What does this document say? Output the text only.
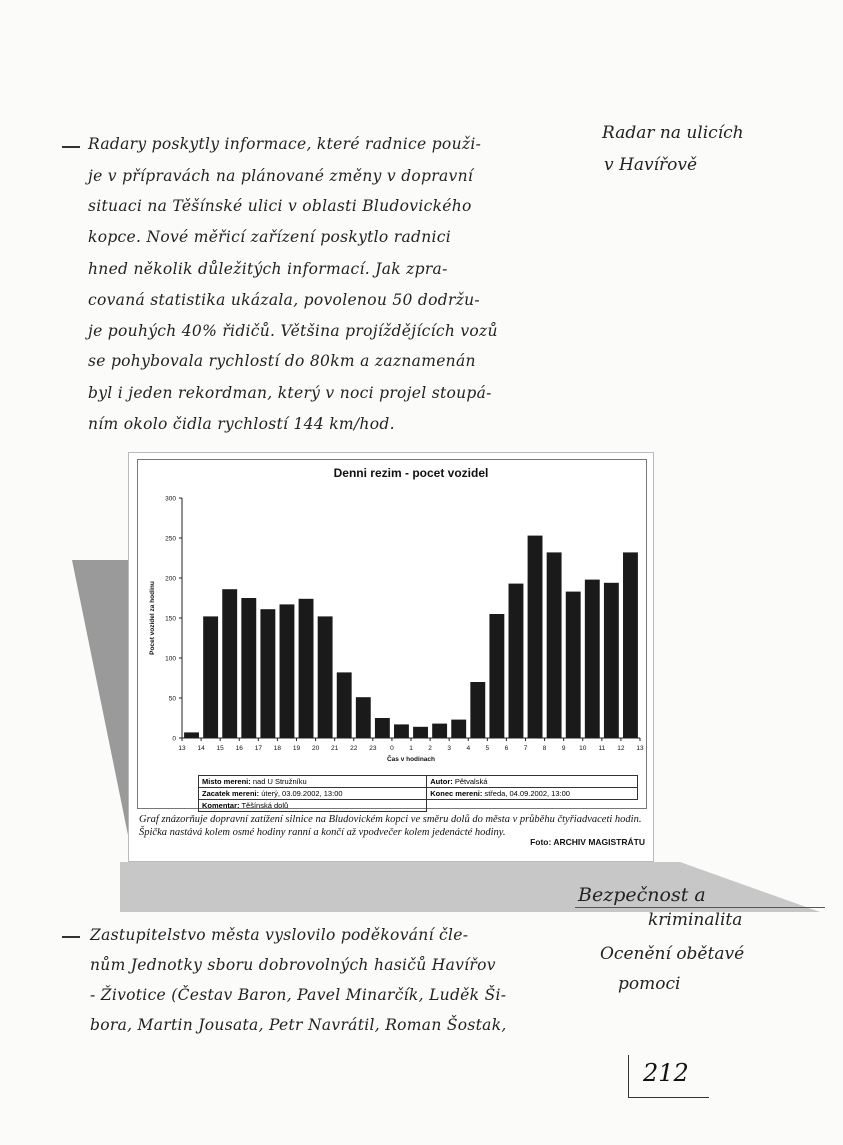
Radary poskytly informace, které radnice použi-
je v přípravách na plánované změny v dopravní
situaci na Těšínské ulici v oblasti Bludovického
kopce. Nové měřicí zařízení poskytlo radnici
hned několik důležitých informací. Jak zpra-
covaná statistika ukázala, povolenou 50 dodržu-
je pouhých 40% řidičů. Většina projíždějících vozů
se pohybovala rychlostí do 80km a zaznamenán
byl i jeden rekordman, který v noci projel stoupá-
ním okolo čidla rychlostí 144 km/hod.
Radar na ulicích
v Havířově
Denni rezim - pocet vozidel
0
50
100
150
200
250
300
13 14 15 16 17 18 19 20 21 22 23 0 1 2 3 4 5 6 7 8 9 10 11 12 13
Čas v hodinach
Pocet vozidel za hodinu
Misto mereni: nad U Stružníku	Autor: Pětvalská
Zacatek mereni: úterý, 03.09.2002, 13:00	Konec mereni: středa, 04.09.2002, 13:00
Komentar: Těšínská dolů	
Graf znázorňuje dopravní zatížení silnice na Bludovickém kopci ve směru dolů do města v průběhu čtyřiadvaceti hodin. Špička nastává kolem osmé hodiny ranní a končí až vpodvečer kolem jedenácté hodiny.
Foto: ARCHIV MAGISTRÁTU
Bezpečnost a
kriminalita
Ocenění obětavé
pomoci
Zastupitelstvo města vyslovilo poděkování čle-
nům Jednotky sboru dobrovolných hasičů Havířov
- Životice (Čestav Baron, Pavel Minarčík, Luděk Ši-
bora, Martin Jousata, Petr Navrátil, Roman Šostak,
212
